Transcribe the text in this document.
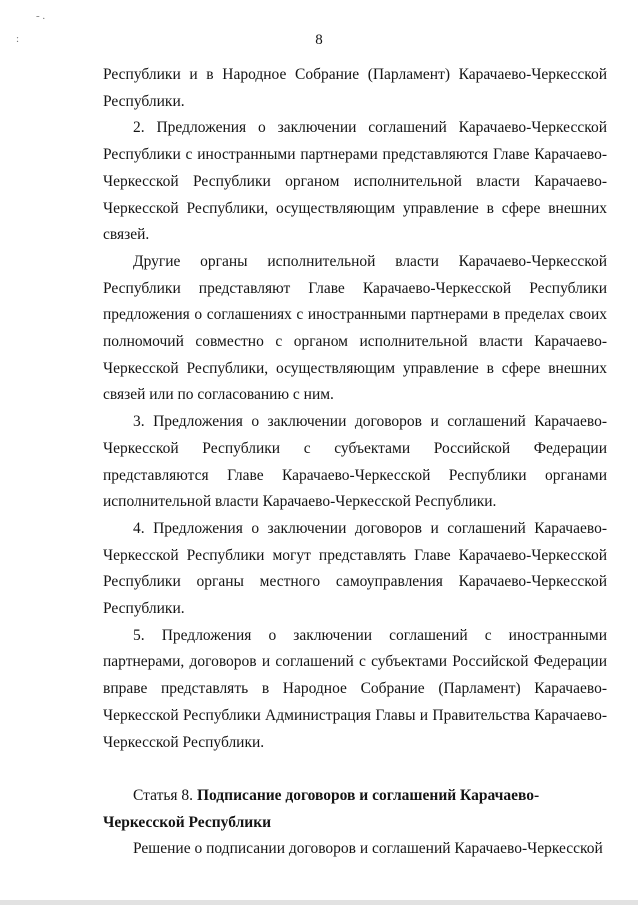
- .
:	8

Республики и в Народное Собрание (Парламент) Карачаево-Черкесской Республики.

2. Предложения о заключении соглашений Карачаево-Черкесской Республики с иностранными партнерами представляются Главе Карачаево-Черкесской Республики органом исполнительной власти Карачаево-Черкесской Республики, осуществляющим управление в сфере внешних связей.

Другие органы исполнительной власти Карачаево-Черкесской Республики представляют Главе Карачаево-Черкесской Республики предложения о соглашениях с иностранными партнерами в пределах своих полномочий совместно с органом исполнительной власти Карачаево-Черкесской Республики, осуществляющим управление в сфере внешних связей или по согласованию с ним.

3. Предложения о заключении договоров и соглашений Карачаево-Черкесской Республики с субъектами Российской Федерации представляются Главе Карачаево-Черкесской Республики органами исполнительной власти Карачаево-Черкесской Республики.

4. Предложения о заключении договоров и соглашений Карачаево-Черкесской Республики могут представлять Главе Карачаево-Черкесской Республики органы местного самоуправления Карачаево-Черкесской Республики.

5. Предложения о заключении соглашений с иностранными партнерами, договоров и соглашений с субъектами Российской Федерации вправе представлять в Народное Собрание (Парламент) Карачаево-Черкесской Республики Администрация Главы и Правительства Карачаево-Черкесской Республики.

Статья 8. Подписание договоров и соглашений Карачаево-Черкесской Республики

Решение о подписании договоров и соглашений Карачаево-Черкесской
